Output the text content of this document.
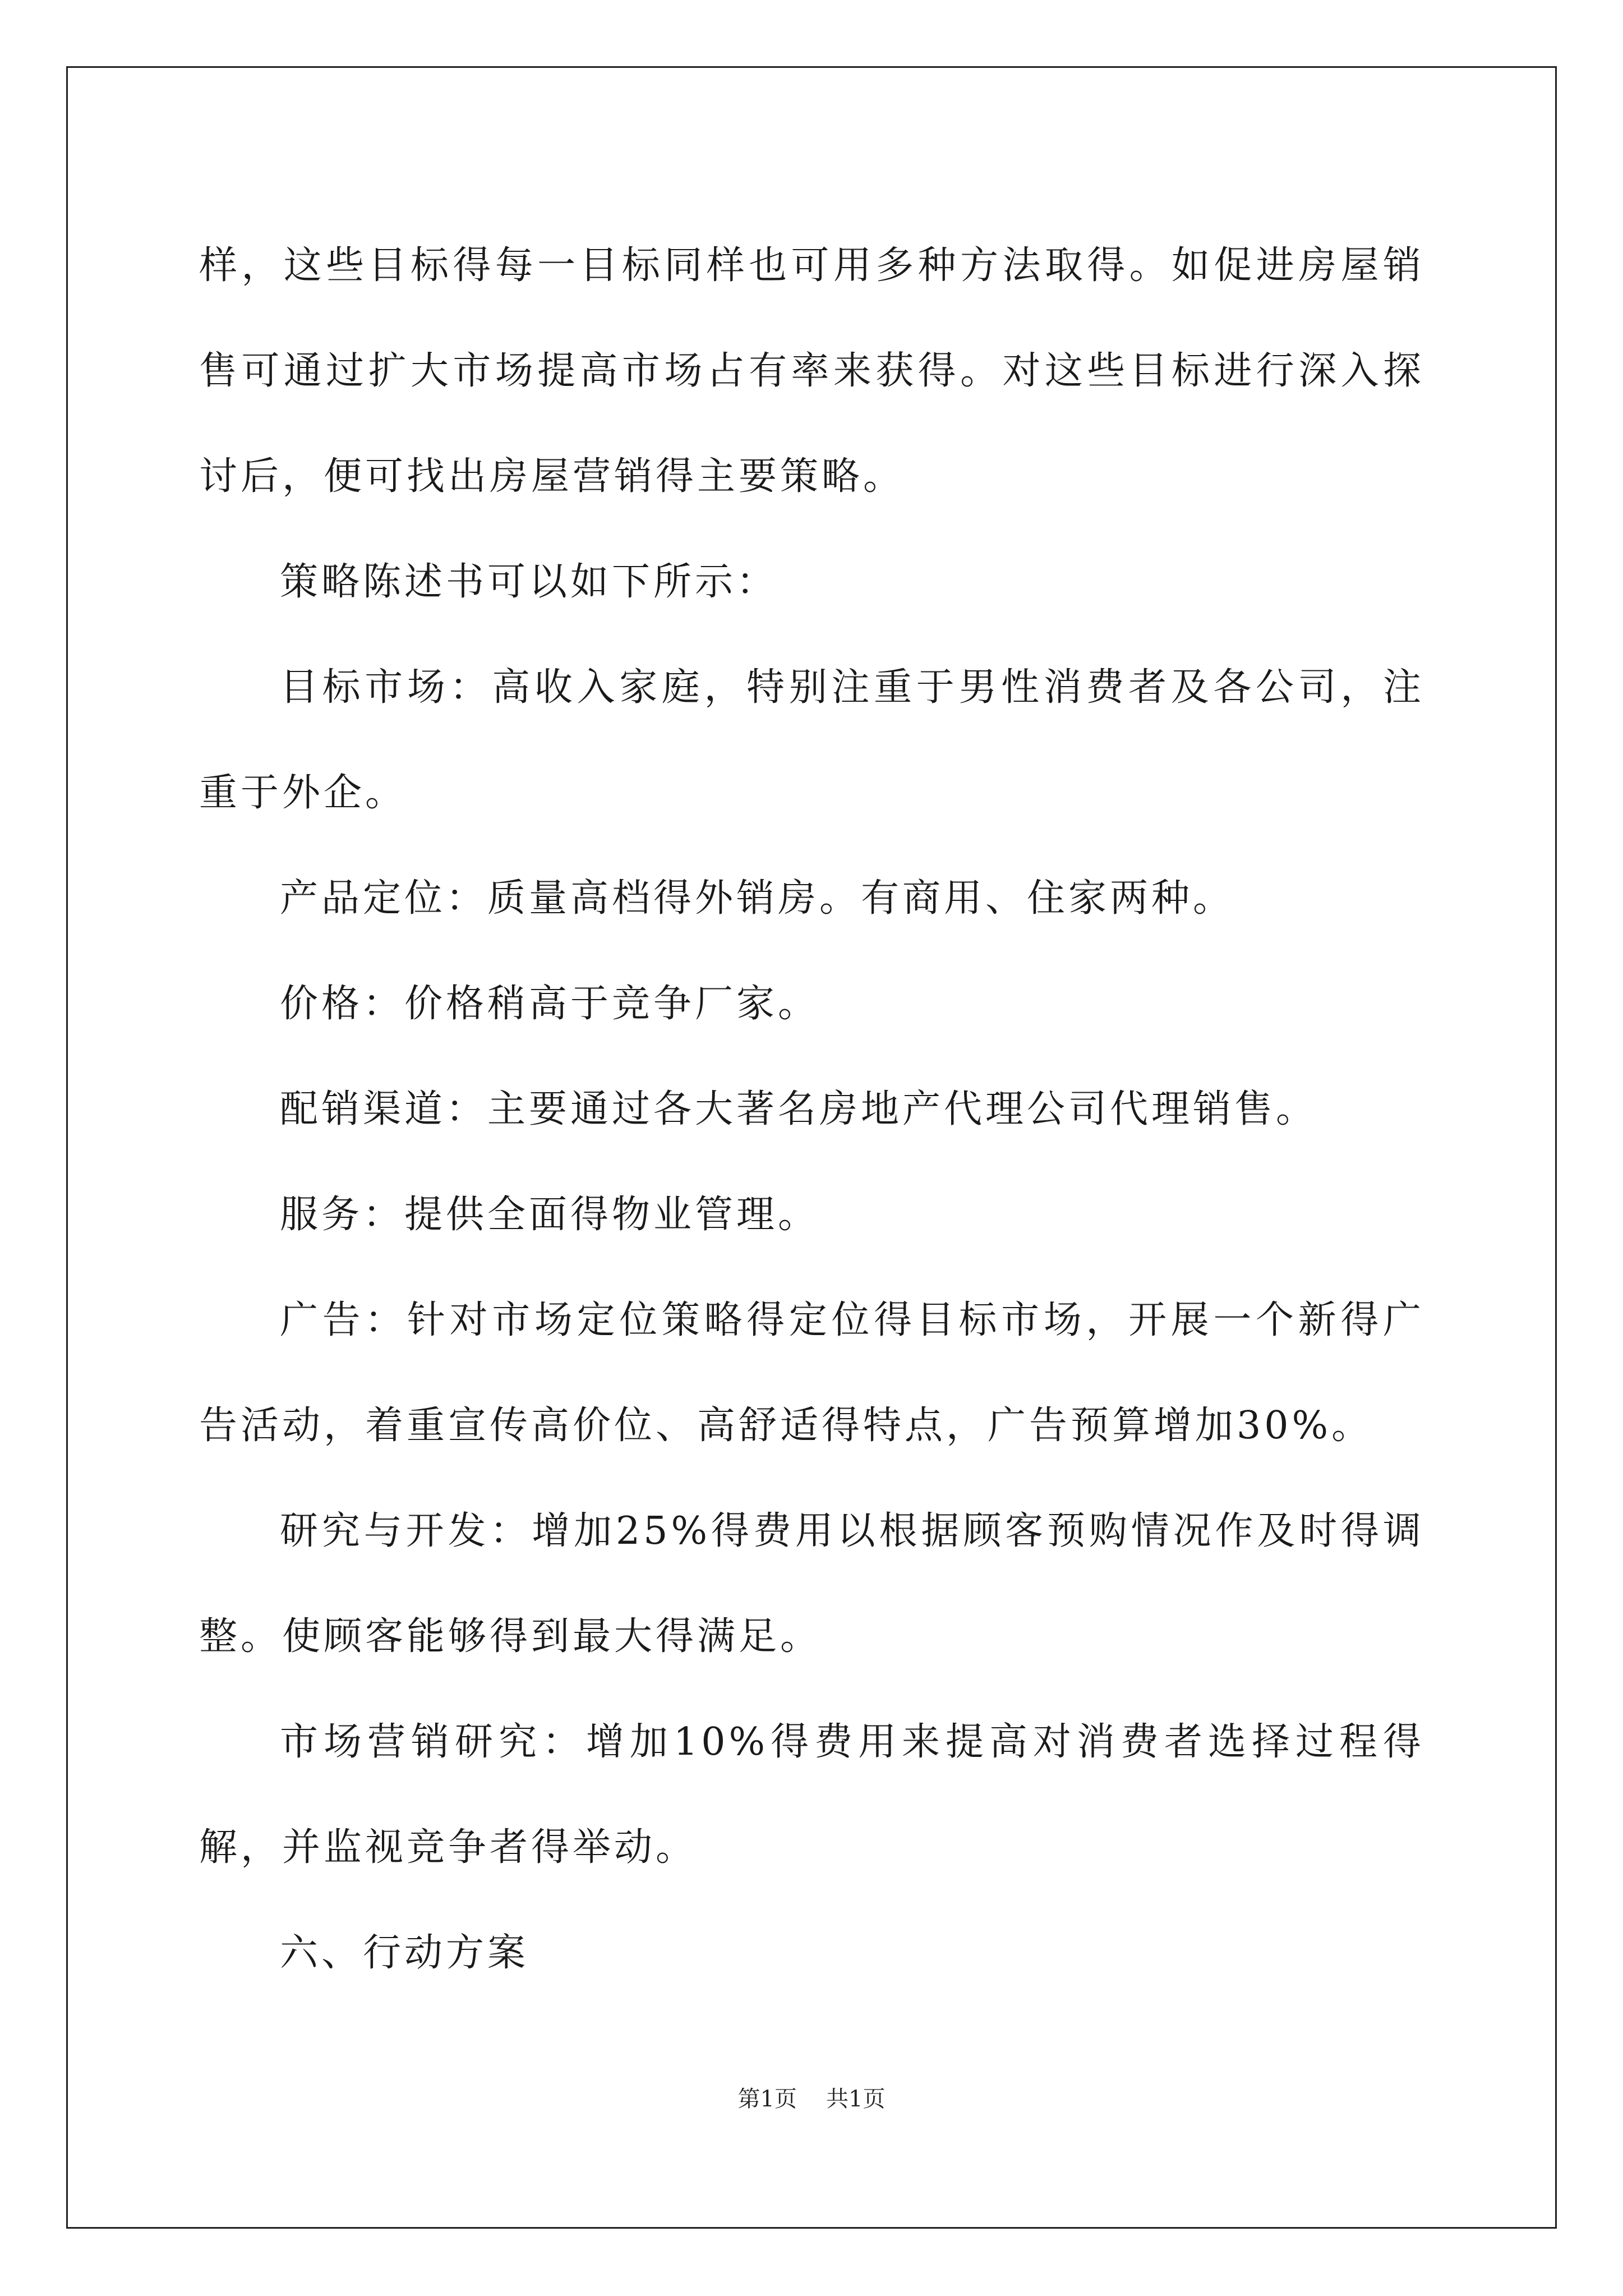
样，这些目标得每一目标同样也可用多种方法取得。如促进房屋销售可通过扩大市场提高市场占有率来获得。对这些目标进行深入探讨后，便可找出房屋营销得主要策略。

策略陈述书可以如下所示：

目标市场：高收入家庭，特别注重于男性消费者及各公司，注重于外企。

产品定位：质量高档得外销房。有商用、住家两种。

价格：价格稍高于竞争厂家。

配销渠道：主要通过各大著名房地产代理公司代理销售。

服务：提供全面得物业管理。

广告：针对市场定位策略得定位得目标市场，开展一个新得广告活动，着重宣传高价位、高舒适得特点，广告预算增加30%。

研究与开发：增加25%得费用以根据顾客预购情况作及时得调整。使顾客能够得到最大得满足。

市场营销研究：增加10%得费用来提高对消费者选择过程得解，并监视竞争者得举动。

六、行动方案

第1页 共1页
